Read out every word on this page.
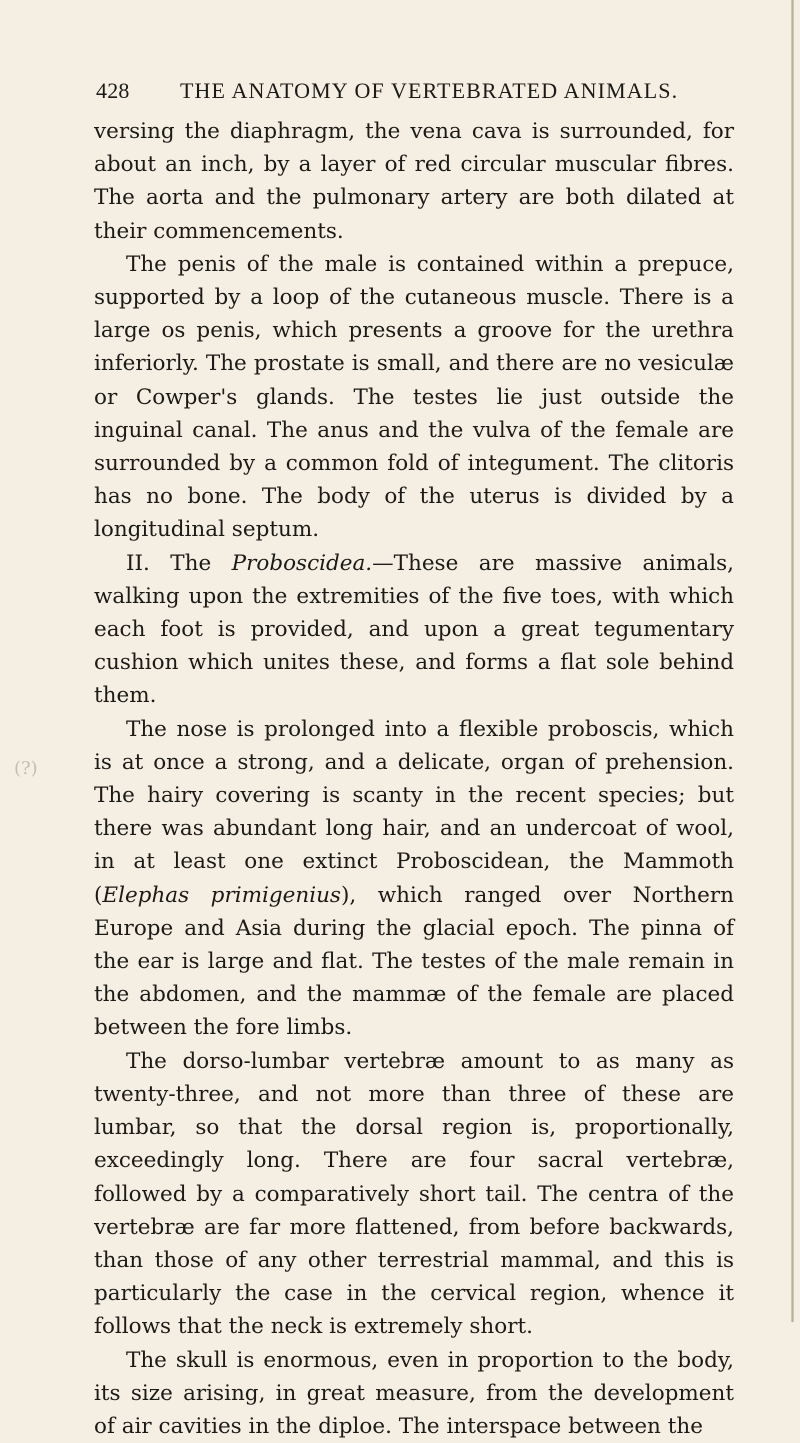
(?)
428 THE ANATOMY OF VERTEBRATED ANIMALS.

versing the diaphragm, the vena cava is surrounded, for about an inch, by a layer of red circular muscular fibres. The aorta and the pulmonary artery are both dilated at their commencements.

The penis of the male is contained within a prepuce, supported by a loop of the cutaneous muscle. There is a large os penis, which presents a groove for the urethra inferiorly. The prostate is small, and there are no vesiculæ or Cowper's glands. The testes lie just outside the inguinal canal. The anus and the vulva of the female are surrounded by a common fold of integument. The clitoris has no bone. The body of the uterus is divided by a longitudinal septum.

II. The Proboscidea.—These are massive animals, walking upon the extremities of the five toes, with which each foot is provided, and upon a great tegumentary cushion which unites these, and forms a flat sole behind them.

The nose is prolonged into a flexible proboscis, which is at once a strong, and a delicate, organ of prehension. The hairy covering is scanty in the recent species; but there was abundant long hair, and an undercoat of wool, in at least one extinct Proboscidean, the Mammoth (Elephas primigenius), which ranged over Northern Europe and Asia during the glacial epoch. The pinna of the ear is large and flat. The testes of the male remain in the abdomen, and the mammæ of the female are placed between the fore limbs.

The dorso-lumbar vertebræ amount to as many as twenty-three, and not more than three of these are lumbar, so that the dorsal region is, proportionally, exceedingly long. There are four sacral vertebræ, followed by a comparatively short tail. The centra of the vertebræ are far more flattened, from before backwards, than those of any other terrestrial mammal, and this is particularly the case in the cervical region, whence it follows that the neck is extremely short.

The skull is enormous, even in proportion to the body, its size arising, in great measure, from the development of air cavities in the diploe. The interspace between the
